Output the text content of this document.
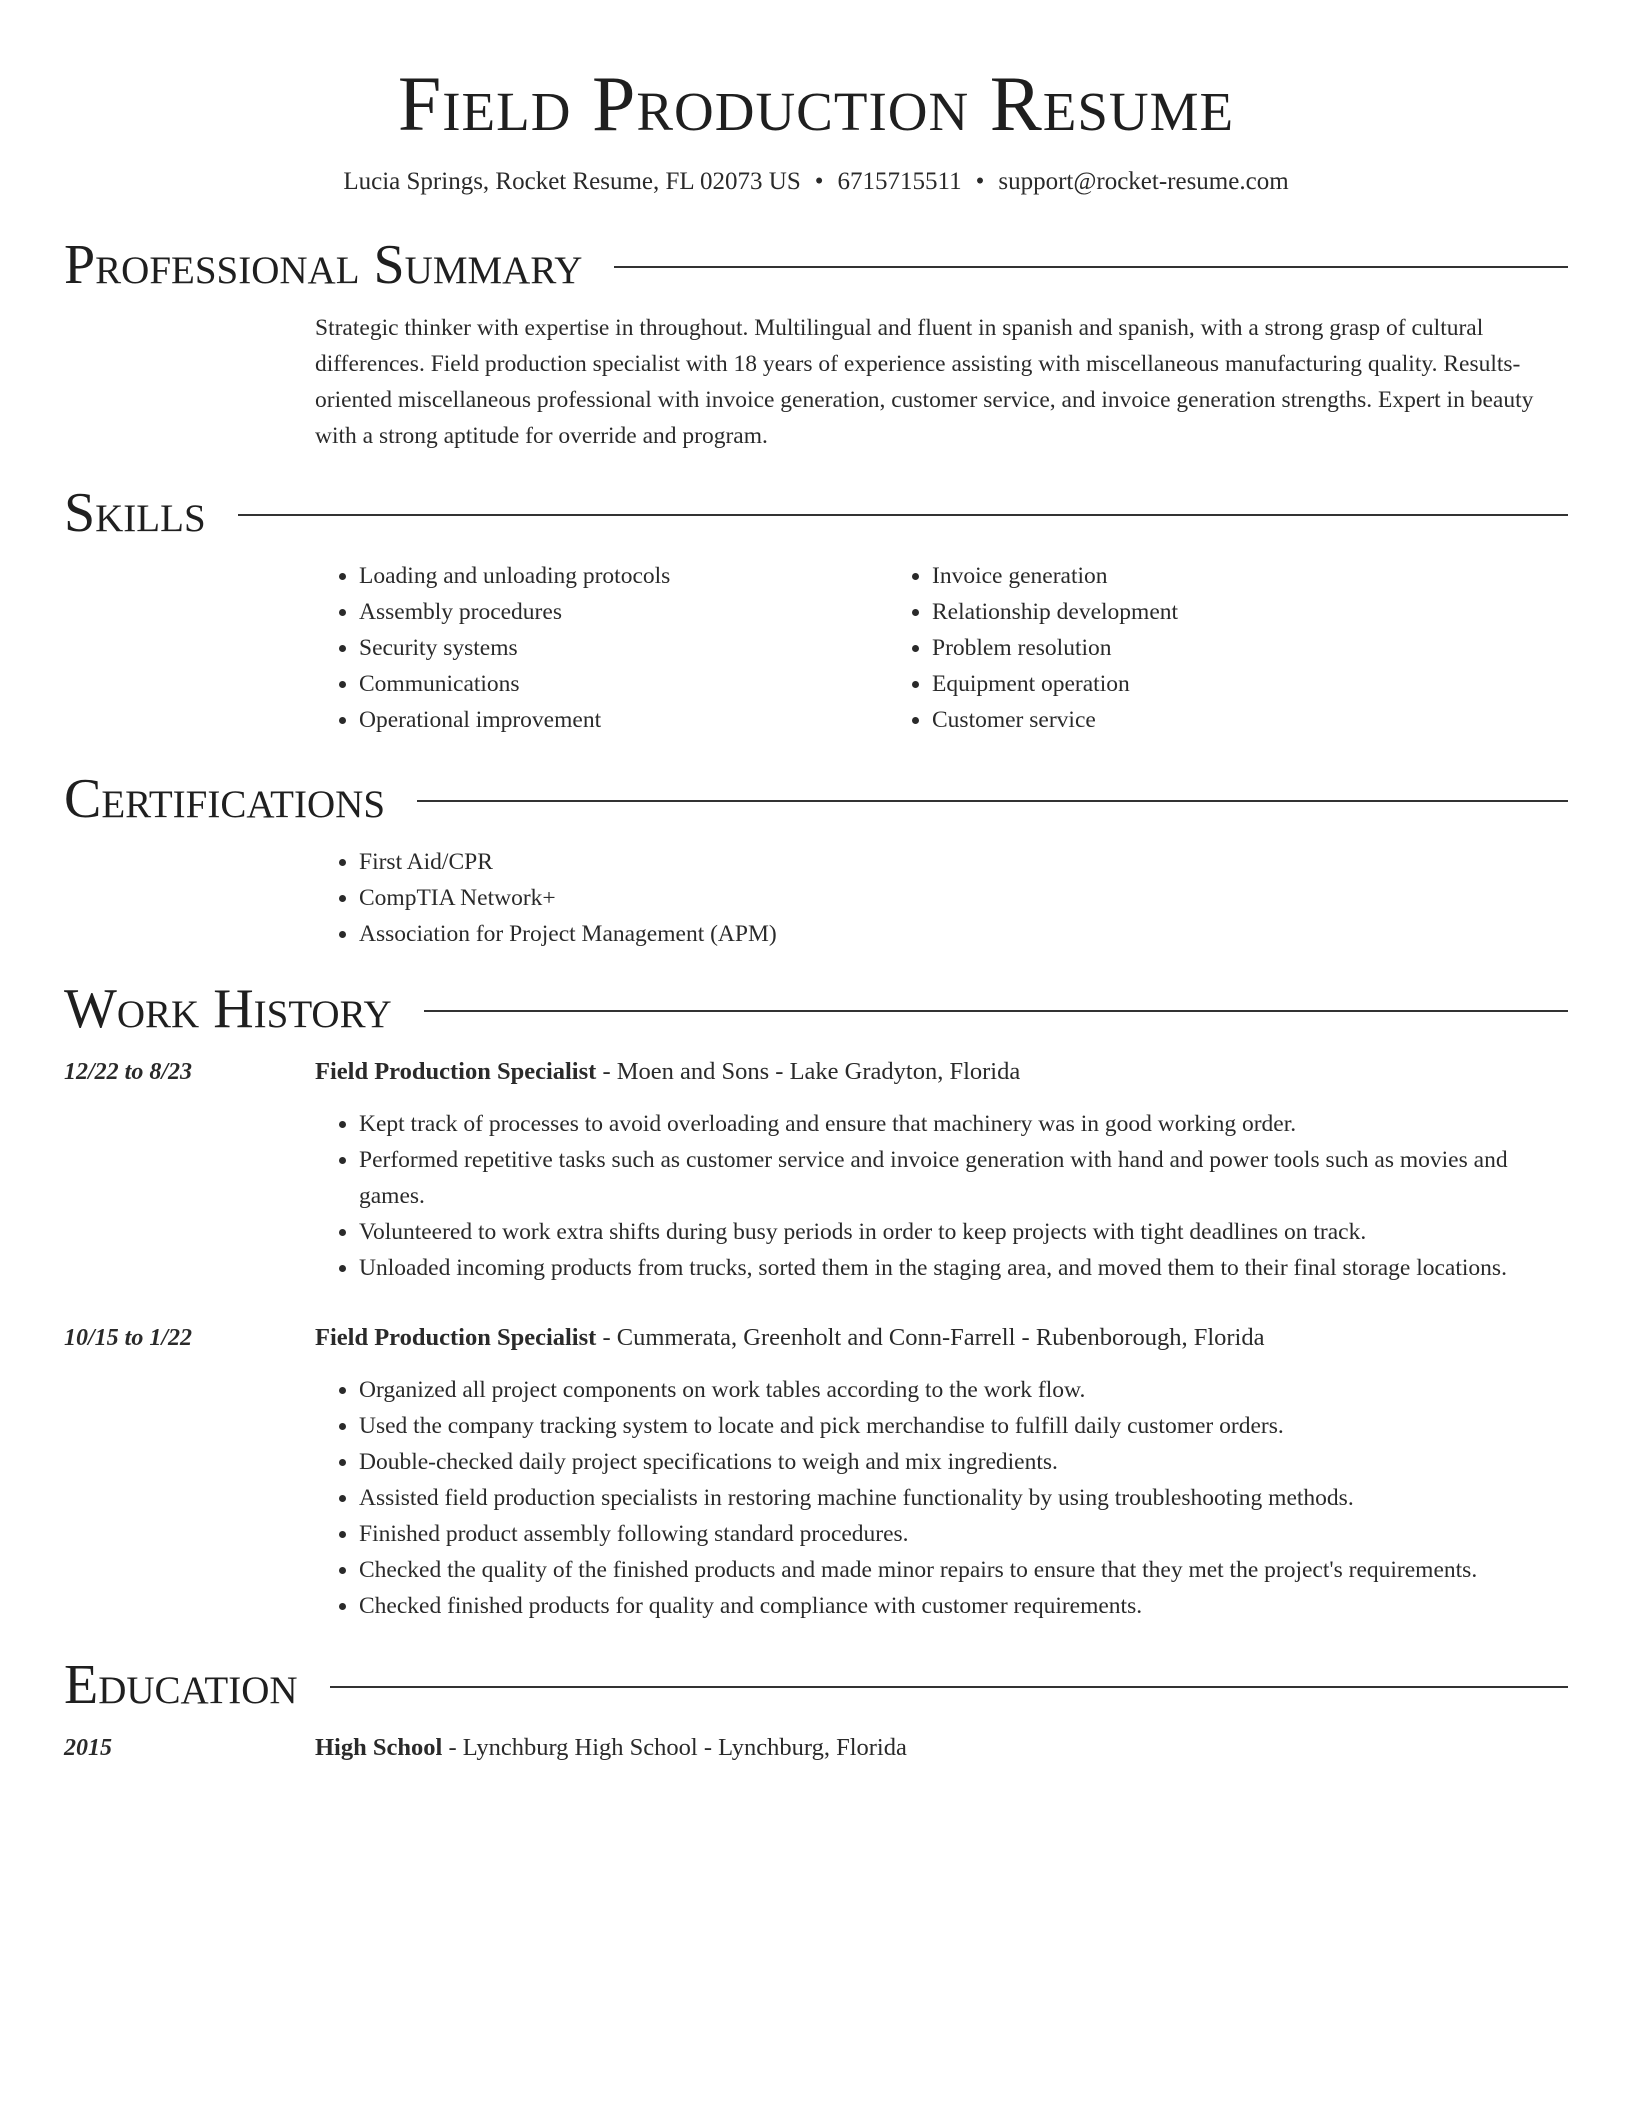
Field Production Resume
Lucia Springs, Rocket Resume, FL 02073 US • 6715715511 • support@rocket-resume.com
Professional Summary

Strategic thinker with expertise in throughout. Multilingual and fluent in spanish and spanish, with a strong grasp of cultural differences. Field production specialist with 18 years of experience assisting with miscellaneous manufacturing quality. Results-oriented miscellaneous professional with invoice generation, customer service, and invoice generation strengths. Expert in beauty with a strong aptitude for override and program.

Skills
• Loading and unloading protocols
• Assembly procedures
• Security systems
• Communications
• Operational improvement
• Invoice generation
• Relationship development
• Problem resolution
• Equipment operation
• Customer service
Certifications
• First Aid/CPR
• CompTIA Network+
• Association for Project Management (APM)
Work History
12/22 to 8/23	Field Production Specialist - Moen and Sons - Lake Gradyton, Florida
• Kept track of processes to avoid overloading and ensure that machinery was in good working order.
• Performed repetitive tasks such as customer service and invoice generation with hand and power tools such as movies and games.
• Volunteered to work extra shifts during busy periods in order to keep projects with tight deadlines on track.
• Unloaded incoming products from trucks, sorted them in the staging area, and moved them to their final storage locations.
10/15 to 1/22	Field Production Specialist - Cummerata, Greenholt and Conn-Farrell - Rubenborough, Florida
• Organized all project components on work tables according to the work flow.
• Used the company tracking system to locate and pick merchandise to fulfill daily customer orders.
• Double-checked daily project specifications to weigh and mix ingredients.
• Assisted field production specialists in restoring machine functionality by using troubleshooting methods.
• Finished product assembly following standard procedures.
• Checked the quality of the finished products and made minor repairs to ensure that they met the project's requirements.
• Checked finished products for quality and compliance with customer requirements.
Education
2015	High School - Lynchburg High School - Lynchburg, Florida
